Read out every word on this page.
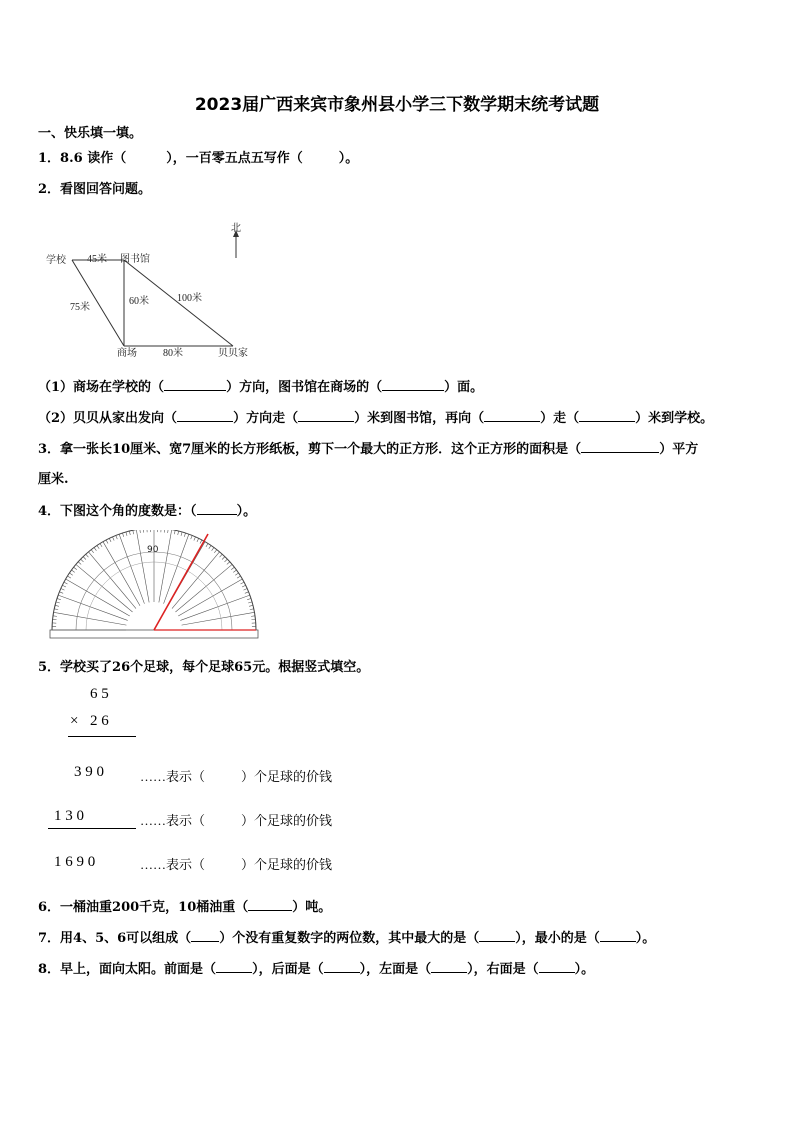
2023届广西来宾市象州县小学三下数学期末统考试题
一、快乐填一填。
1．8.6 读作（	），一百零五点五写作（	）。
2．看图回答问题。
北
学校	图书馆
商场	贝贝家
45米
75米
60米	100米
80米
（1）商场在学校的（	）方向，图书馆在商场的（	）面。
（2）贝贝从家出发向（	）方向走（	）米到图书馆，再向（	）走（	）米到学校。
3．拿一张长10厘米、宽7厘米的长方形纸板，剪下一个最大的正方形．这个正方形的面积是（	）平方
厘米.
4．下图这个角的度数是：（	）。
90
5．学校买了26个足球，每个足球65元。根据竖式填空。
6 5
× 2 6
3 9 0	……表示（	）个足球的价钱
1 3 0	……表示（	）个足球的价钱
1 6 9 0	……表示（	）个足球的价钱
6．一桶油重200千克，10桶油重（	）吨。
7．用4、5、6可以组成（ ）个没有重复数字的两位数，其中最大的是（	），最小的是（	）。
8．早上，面向太阳。前面是（	），后面是（	），左面是（	），右面是（	）。
